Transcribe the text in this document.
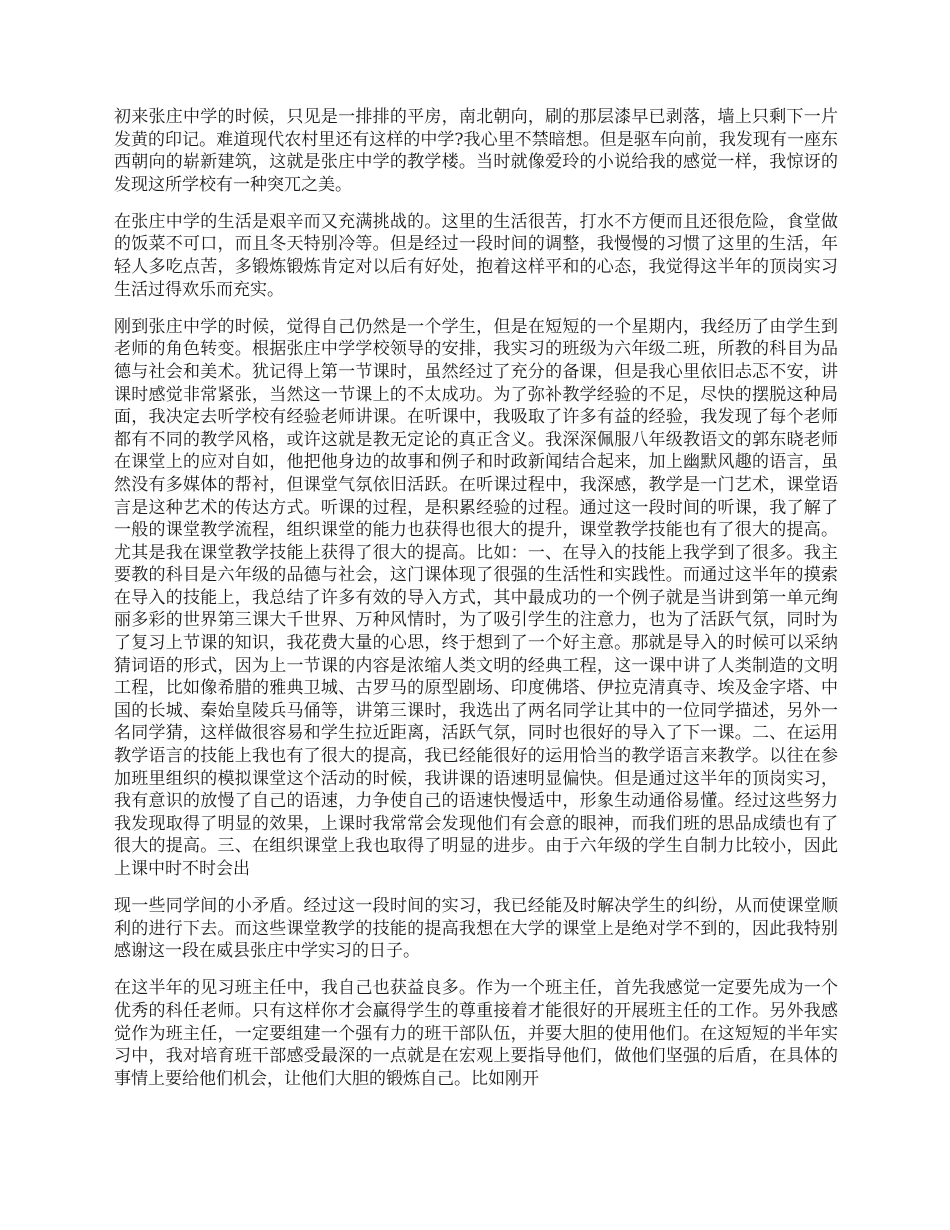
初来张庄中学的时候，只见是一排排的平房，南北朝向，刷的那层漆早已剥落，墙上只剩下一片发黄的印记。难道现代农村里还有这样的中学?我心里不禁暗想。但是驱车向前，我发现有一座东西朝向的崭新建筑，这就是张庄中学的教学楼。当时就像爱玲的小说给我的感觉一样，我惊讶的发现这所学校有一种突兀之美。

在张庄中学的生活是艰辛而又充满挑战的。这里的生活很苦，打水不方便而且还很危险，食堂做的饭菜不可口，而且冬天特别冷等。但是经过一段时间的调整，我慢慢的习惯了这里的生活，年轻人多吃点苦，多锻炼锻炼肯定对以后有好处，抱着这样平和的心态，我觉得这半年的顶岗实习生活过得欢乐而充实。

刚到张庄中学的时候，觉得自己仍然是一个学生，但是在短短的一个星期内，我经历了由学生到老师的角色转变。根据张庄中学学校领导的安排，我实习的班级为六年级二班，所教的科目为品德与社会和美术。犹记得上第一节课时，虽然经过了充分的备课，但是我心里依旧忐忑不安，讲课时感觉非常紧张，当然这一节课上的不太成功。为了弥补教学经验的不足，尽快的摆脱这种局面，我决定去听学校有经验老师讲课。在听课中，我吸取了许多有益的经验，我发现了每个老师都有不同的教学风格，或许这就是教无定论的真正含义。我深深佩服八年级教语文的郭东晓老师在课堂上的应对自如，他把他身边的故事和例子和时政新闻结合起来，加上幽默风趣的语言，虽然没有多媒体的帮衬，但课堂气氛依旧活跃。在听课过程中，我深感，教学是一门艺术，课堂语言是这种艺术的传达方式。听课的过程，是积累经验的过程。通过这一段时间的听课，我了解了一般的课堂教学流程，组织课堂的能力也获得也很大的提升，课堂教学技能也有了很大的提高。尤其是我在课堂教学技能上获得了很大的提高。比如：一、在导入的技能上我学到了很多。我主要教的科目是六年级的品德与社会，这门课体现了很强的生活性和实践性。而通过这半年的摸索在导入的技能上，我总结了许多有效的导入方式，其中最成功的一个例子就是当讲到第一单元绚丽多彩的世界第三课大千世界、万种风情时，为了吸引学生的注意力，也为了活跃气氛，同时为了复习上节课的知识，我花费大量的心思，终于想到了一个好主意。那就是导入的时候可以采纳猜词语的形式，因为上一节课的内容是浓缩人类文明的经典工程，这一课中讲了人类制造的文明工程，比如像希腊的雅典卫城、古罗马的原型剧场、印度佛塔、伊拉克清真寺、埃及金字塔、中国的长城、秦始皇陵兵马俑等，讲第三课时，我选出了两名同学让其中的一位同学描述，另外一名同学猜，这样做很容易和学生拉近距离，活跃气氛，同时也很好的导入了下一课。二、在运用教学语言的技能上我也有了很大的提高，我已经能很好的运用恰当的教学语言来教学。以往在参加班里组织的模拟课堂这个活动的时候，我讲课的语速明显偏快。但是通过这半年的顶岗实习，我有意识的放慢了自己的语速，力争使自己的语速快慢适中，形象生动通俗易懂。经过这些努力我发现取得了明显的效果，上课时我常常会发现他们有会意的眼神，而我们班的思品成绩也有了很大的提高。三、在组织课堂上我也取得了明显的进步。由于六年级的学生自制力比较小，因此上课中时不时会出

现一些同学间的小矛盾。经过这一段时间的实习，我已经能及时解决学生的纠纷，从而使课堂顺利的进行下去。而这些课堂教学的技能的提高我想在大学的课堂上是绝对学不到的，因此我特别感谢这一段在威县张庄中学实习的日子。

在这半年的见习班主任中，我自己也获益良多。作为一个班主任，首先我感觉一定要先成为一个优秀的科任老师。只有这样你才会赢得学生的尊重接着才能很好的开展班主任的工作。另外我感觉作为班主任，一定要组建一个强有力的班干部队伍，并要大胆的使用他们。在这短短的半年实习中，我对培育班干部感受最深的一点就是在宏观上要指导他们，做他们坚强的后盾，在具体的事情上要给他们机会，让他们大胆的锻炼自己。比如刚开
